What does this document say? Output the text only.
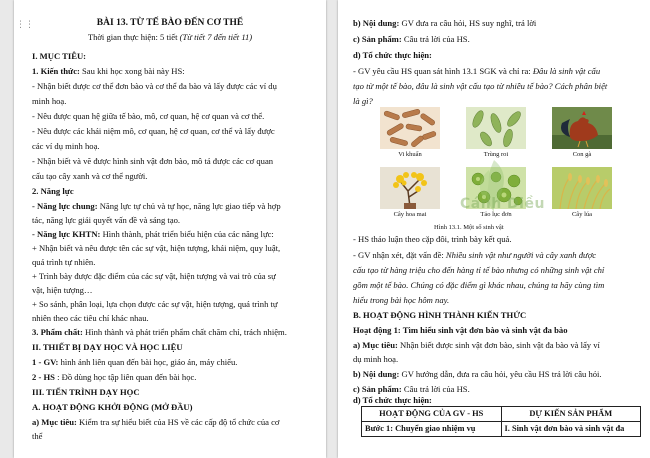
⋮⋮	BÀI 13. TỪ TẾ BÀO ĐẾN CƠ THỂ
Thời gian thực hiện: 5 tiết (Từ tiết 7 đến tiết 11)
I. MỤC TIÊU:
1. Kiến thức: Sau khi học xong bài này HS:
- Nhận biết được cơ thể đơn bào và cơ thể đa bào và lấy được các ví dụ
minh hoạ.
- Nêu được quan hệ giữa tế bào, mô, cơ quan, hệ cơ quan và cơ thể.
- Nêu được các khái niệm mô, cơ quan, hệ cơ quan, cơ thể và lấy được
các ví dụ minh hoạ.
- Nhận biết và vẽ được hình sinh vật đơn bào, mô tả được các cơ quan
cấu tạo cây xanh và cơ thể người.
2. Năng lực
- Năng lực chung: Năng lực tự chủ và tự học, năng lực giao tiếp và hợp
tác, năng lực giải quyết vấn đề và sáng tạo.
- Năng lực KHTN: Hình thành, phát triển biểu hiện của các năng lực:
+ Nhận biết và nêu được tên các sự vật, hiện tượng, khái niệm, quy luật,
quá trình tự nhiên.
+ Trình bày được đặc điểm của các sự vật, hiện tượng và vai trò của sự
vật, hiện tượng…
+ So sánh, phân loại, lựa chọn được các sự vật, hiện tượng, quá trình tự
nhiên theo các tiêu chí khác nhau.
3. Phẩm chất: Hình thành và phát triển phẩm chất chăm chỉ, trách nhiệm.
II. THIẾT BỊ DẠY HỌC VÀ HỌC LIỆU
1 - GV: hình ảnh liên quan đến bài học, giáo án, máy chiếu.
2 - HS : Đồ dùng học tập liên quan đến bài học.
III. TIẾN TRÌNH DẠY HỌC
A. HOẠT ĐỘNG KHỞI ĐỘNG (MỞ ĐẦU)
a) Mục tiêu: Kiểm tra sự hiểu biết của HS về các cấp độ tổ chức của cơ
thể
b) Nội dung: GV đưa ra câu hỏi, HS suy nghĩ, trả lời
c) Sản phẩm: Câu trả lời của HS.
d) Tổ chức thực hiện:
- GV yêu cầu HS quan sát hình 13.1 SGK và chỉ ra: Đâu là sinh vật cấu
tạo từ một tế bào, đâu là sinh vật cấu tạo từ nhiều tế bào? Cách phân biệt
là gì?
Vi khuẩn	Trùng roi	Con gà
Cây hoa mai	Tảo lục đơn	Cây lúa
Hình 13.1. Một số sinh vật
Cánh Diều
- HS thảo luận theo cặp đôi, trình bày kết quả.
- GV nhận xét, đặt vấn đề: Nhiều sinh vật như người và cây xanh được
cấu tạo từ hàng triệu cho đến hàng tỉ tế bào nhưng có những sinh vật chỉ
gồm một tế bào. Chúng có đặc điểm gì khác nhau, chúng ta hãy cùng tìm
hiểu trong bài học hôm nay.
B. HOẠT ĐỘNG HÌNH THÀNH KIẾN THỨC
Hoạt động 1: Tìm hiểu sinh vật đơn bào và sinh vật đa bào
a) Mục tiêu: Nhận biết được sinh vật đơn bào, sinh vật đa bào và lấy ví
dụ minh hoạ.
b) Nội dung: GV hướng dẫn, đưa ra câu hỏi, yêu cầu HS trả lời câu hỏi.
c) Sản phẩm: Câu trả lời của HS.
d) Tổ chức thực hiện:
HOẠT ĐỘNG CỦA GV - HS	DỰ KIẾN SẢN PHẨM
Bước 1: Chuyển giao nhiệm vụ	I. Sinh vật đơn bào và sinh vật đa
